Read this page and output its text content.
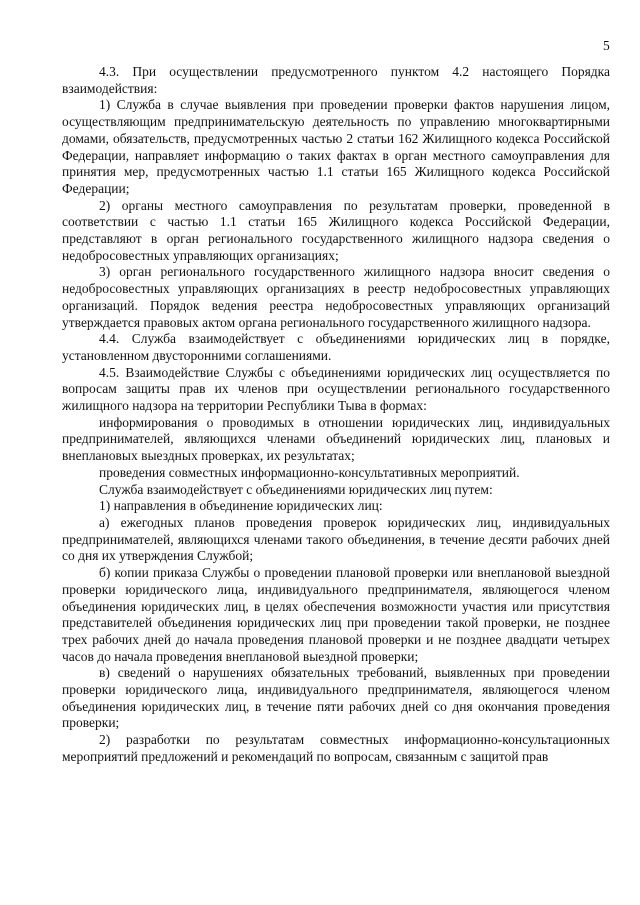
5

4.3. При осуществлении предусмотренного пунктом 4.2 настоящего Порядка взаимодействия:

1) Служба в случае выявления при проведении проверки фактов нарушения лицом, осуществляющим предпринимательскую деятельность по управлению многоквартирными домами, обязательств, предусмотренных частью 2 статьи 162 Жилищного кодекса Российской Федерации, направляет информацию о таких фактах в орган местного самоуправления для принятия мер, предусмотренных частью 1.1 статьи 165 Жилищного кодекса Российской Федерации;

2) органы местного самоуправления по результатам проверки, проведенной в соответствии с частью 1.1 статьи 165 Жилищного кодекса Российской Федерации, представляют в орган регионального государственного жилищного надзора сведения о недобросовестных управляющих организациях;

3) орган регионального государственного жилищного надзора вносит сведения о недобросовестных управляющих организациях в реестр недобросовестных управляющих организаций. Порядок ведения реестра недобросовестных управляющих организаций утверждается правовых актом органа регионального государственного жилищного надзора.

4.4. Служба взаимодействует с объединениями юридических лиц в порядке, установленном двусторонними соглашениями.

4.5. Взаимодействие Службы с объединениями юридических лиц осуществляется по вопросам защиты прав их членов при осуществлении регионального государственного жилищного надзора на территории Республики Тыва в формах:

информирования о проводимых в отношении юридических лиц, индивидуальных предпринимателей, являющихся членами объединений юридических лиц, плановых и внеплановых выездных проверках, их результатах;

проведения совместных информационно-консультативных мероприятий.

Служба взаимодействует с объединениями юридических лиц путем:

1) направления в объединение юридических лиц:

а) ежегодных планов проведения проверок юридических лиц, индивидуальных предпринимателей, являющихся членами такого объединения, в течение десяти рабочих дней со дня их утверждения Службой;

б) копии приказа Службы о проведении плановой проверки или внеплановой выездной проверки юридического лица, индивидуального предпринимателя, являющегося членом объединения юридических лиц, в целях обеспечения возможности участия или присутствия представителей объединения юридических лиц при проведении такой проверки, не позднее трех рабочих дней до начала проведения плановой проверки и не позднее двадцати четырех часов до начала проведения внеплановой выездной проверки;

в) сведений о нарушениях обязательных требований, выявленных при проведении проверки юридического лица, индивидуального предпринимателя, являющегося членом объединения юридических лиц, в течение пяти рабочих дней со дня окончания проведения проверки;

2) разработки по результатам совместных информационно-консультационных мероприятий предложений и рекомендаций по вопросам, связанным с защитой прав
